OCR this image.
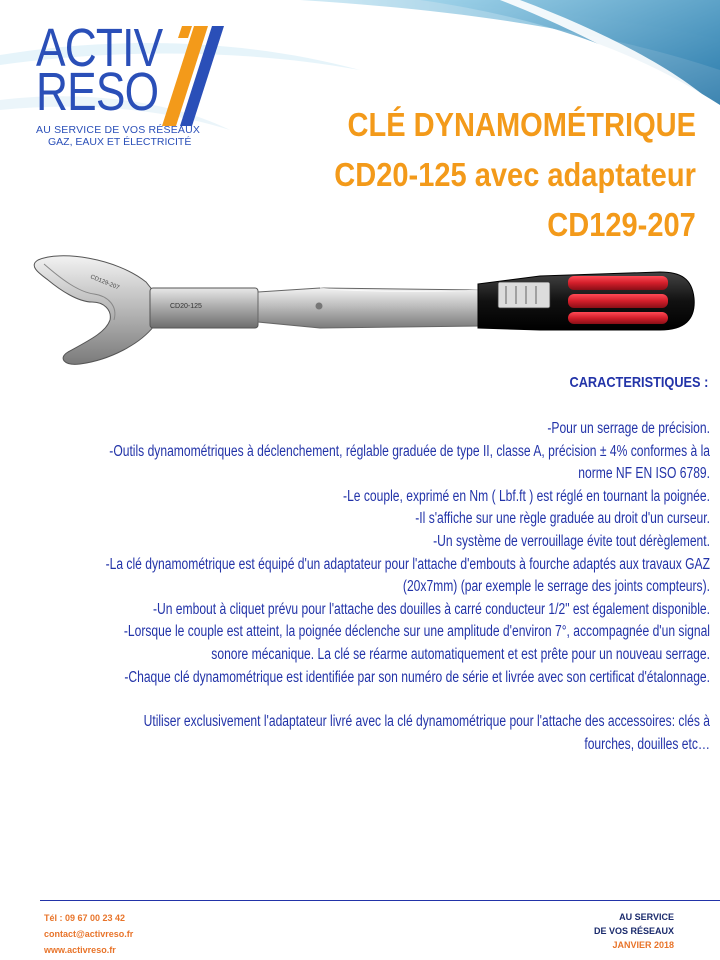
ACTIV
RESO
AU SERVICE DE VOS RÉSEAUX
GAZ, EAUX ET ÉLECTRICITÉ	CLÉ DYNAMOMÉTRIQUE
CD20-125 avec adaptateur
CD129-207
CD129-207
CD20-125
CARACTERISTIQUES :

-Pour un serrage de précision.

-Outils dynamométriques à déclenchement, réglable graduée de type II, classe A, précision ± 4% conformes à la

norme NF EN ISO 6789.

-Le couple, exprimé en Nm ( Lbf.ft ) est réglé en tournant la poignée.

-Il s'affiche sur une règle graduée au droit d'un curseur.

-Un système de verrouillage évite tout dérèglement.

-La clé dynamométrique est équipé d'un adaptateur pour l'attache d'embouts à fourche adaptés aux travaux GAZ

(20x7mm) (par exemple le serrage des joints compteurs).

-Un embout à cliquet prévu pour l'attache des douilles à carré conducteur 1/2" est également disponible.

-Lorsque le couple est atteint, la poignée déclenche sur une amplitude d'environ 7°, accompagnée d'un signal

sonore mécanique. La clé se réarme automatiquement et est prête pour un nouveau serrage.

-Chaque clé dynamométrique est identifiée par son numéro de série et livrée avec son certificat d'étalonnage.

Utiliser exclusivement l'adaptateur livré avec la clé dynamométrique pour l'attache des accessoires: clés à

fourches, douilles etc…

Tél : 09 67 00 23 42
contact@activreso.fr
www.activreso.fr
AU SERVICE
DE VOS RÉSEAUX
JANVIER 2018
